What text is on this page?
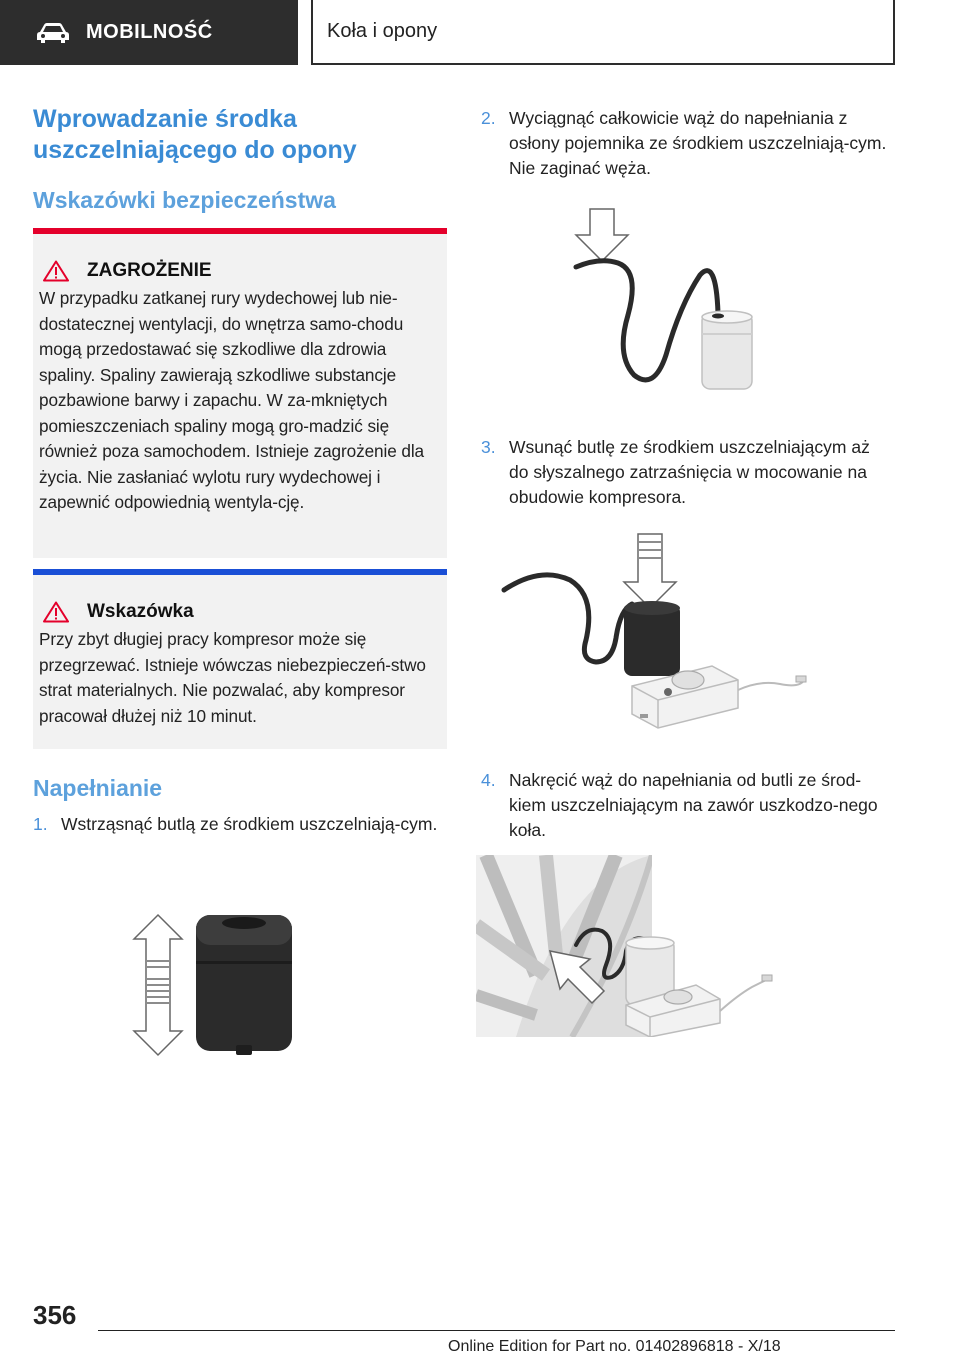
MOBILNOŚĆ	Koła i opony
Wprowadzanie środka uszczelniającego do opony
Wskazówki bezpieczeństwa
ZAGROŻENIE
W przypadku zatkanej rury wydechowej lub nie-dostatecznej wentylacji, do wnętrza samo-chodu mogą przedostawać się szkodliwe dla zdrowia spaliny. Spaliny zawierają szkodliwe substancje pozbawione barwy i zapachu. W za-mkniętych pomieszczeniach spaliny mogą gro-madzić się również poza samochodem. Istnieje zagrożenie dla życia. Nie zasłaniać wylotu rury wydechowej i zapewnić odpowiednią wentyla-cję.
Wskazówka
Przy zbyt długiej pracy kompresor może się przegrzewać. Istnieje wówczas niebezpieczeń-stwo strat materialnych. Nie pozwalać, aby kompresor pracował dłużej niż 10 minut.
Napełnianie
1. Wstrząsnąć butlą ze środkiem uszczelniają-cym.
2. Wyciągnąć całkowicie wąż do napełniania z osłony pojemnika ze środkiem uszczelniają-cym. Nie zaginać węża.
3. Wsunąć butlę ze środkiem uszczelniającym aż do słyszalnego zatrzaśnięcia w mocowanie na obudowie kompresora.
4. Nakręcić wąż do napełniania od butli ze środ-kiem uszczelniającym na zawór uszkodzo-nego koła.
356
Online Edition for Part no. 01402896818 - X/18
